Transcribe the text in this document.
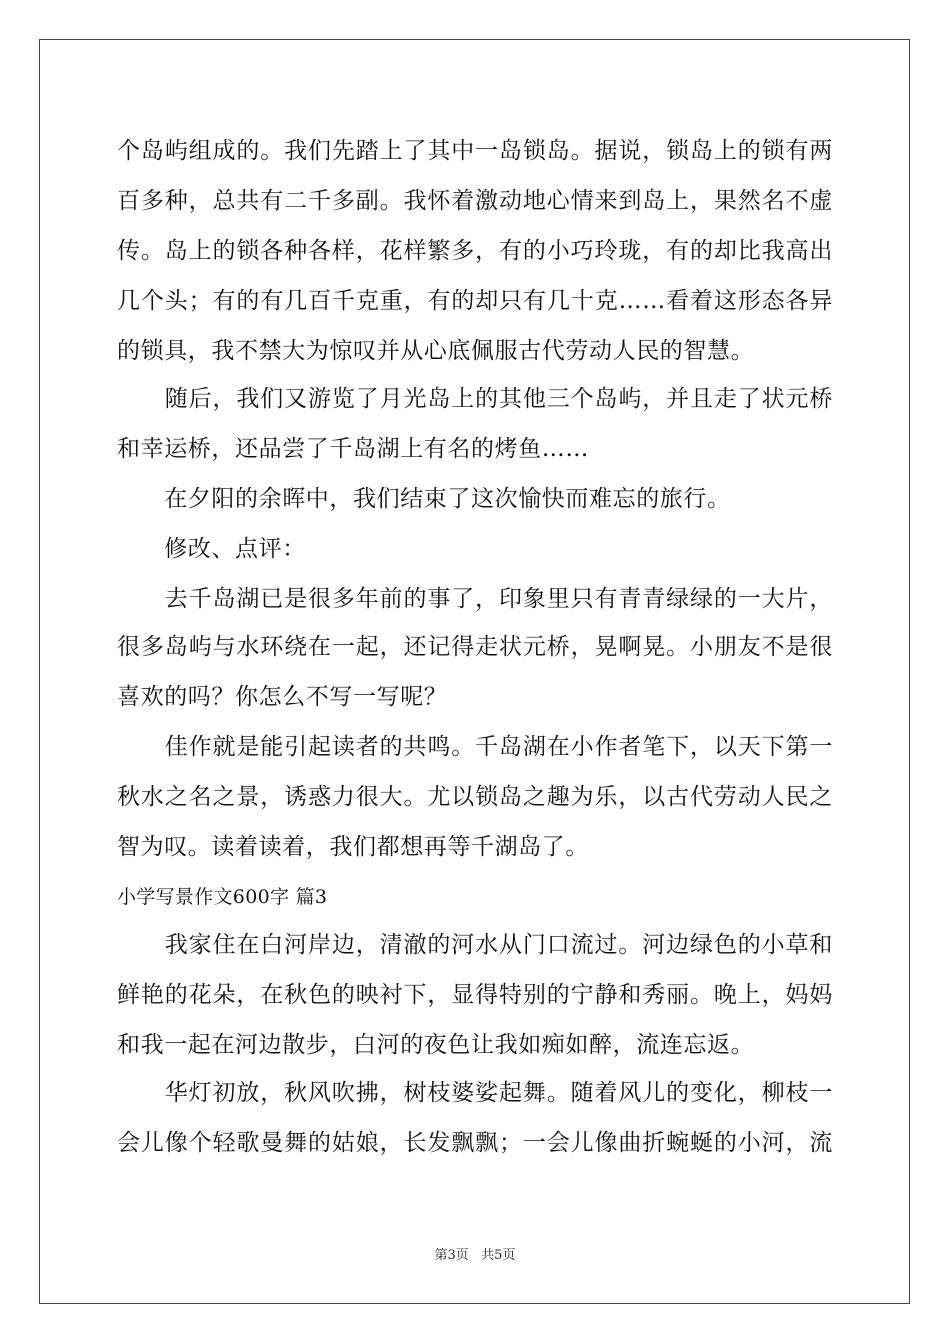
个岛屿组成的。我们先踏上了其中一岛锁岛。据说，锁岛上的锁有两
百多种，总共有二千多副。我怀着激动地心情来到岛上，果然名不虚
传。岛上的锁各种各样，花样繁多，有的小巧玲珑，有的却比我高出
几个头；有的有几百千克重，有的却只有几十克……看着这形态各异
的锁具，我不禁大为惊叹并从心底佩服古代劳动人民的智慧。
　　随后，我们又游览了月光岛上的其他三个岛屿，并且走了状元桥
和幸运桥，还品尝了千岛湖上有名的烤鱼……
　　在夕阳的余晖中，我们结束了这次愉快而难忘的旅行。
　　修改、点评：
　　去千岛湖已是很多年前的事了，印象里只有青青绿绿的一大片，
很多岛屿与水环绕在一起，还记得走状元桥，晃啊晃。小朋友不是很
喜欢的吗？你怎么不写一写呢？
　　佳作就是能引起读者的共鸣。千岛湖在小作者笔下，以天下第一
秋水之名之景，诱惑力很大。尤以锁岛之趣为乐，以古代劳动人民之
智为叹。读着读着，我们都想再等千湖岛了。
小学写景作文600字 篇3
　　我家住在白河岸边，清澈的河水从门口流过。河边绿色的小草和
鲜艳的花朵，在秋色的映衬下，显得特别的宁静和秀丽。晚上，妈妈
和我一起在河边散步，白河的夜色让我如痴如醉，流连忘返。
　　华灯初放，秋风吹拂，树枝婆娑起舞。随着风儿的变化，柳枝一
会儿像个轻歌曼舞的姑娘，长发飘飘；一会儿像曲折蜿蜒的小河，流
第3页   共5页
